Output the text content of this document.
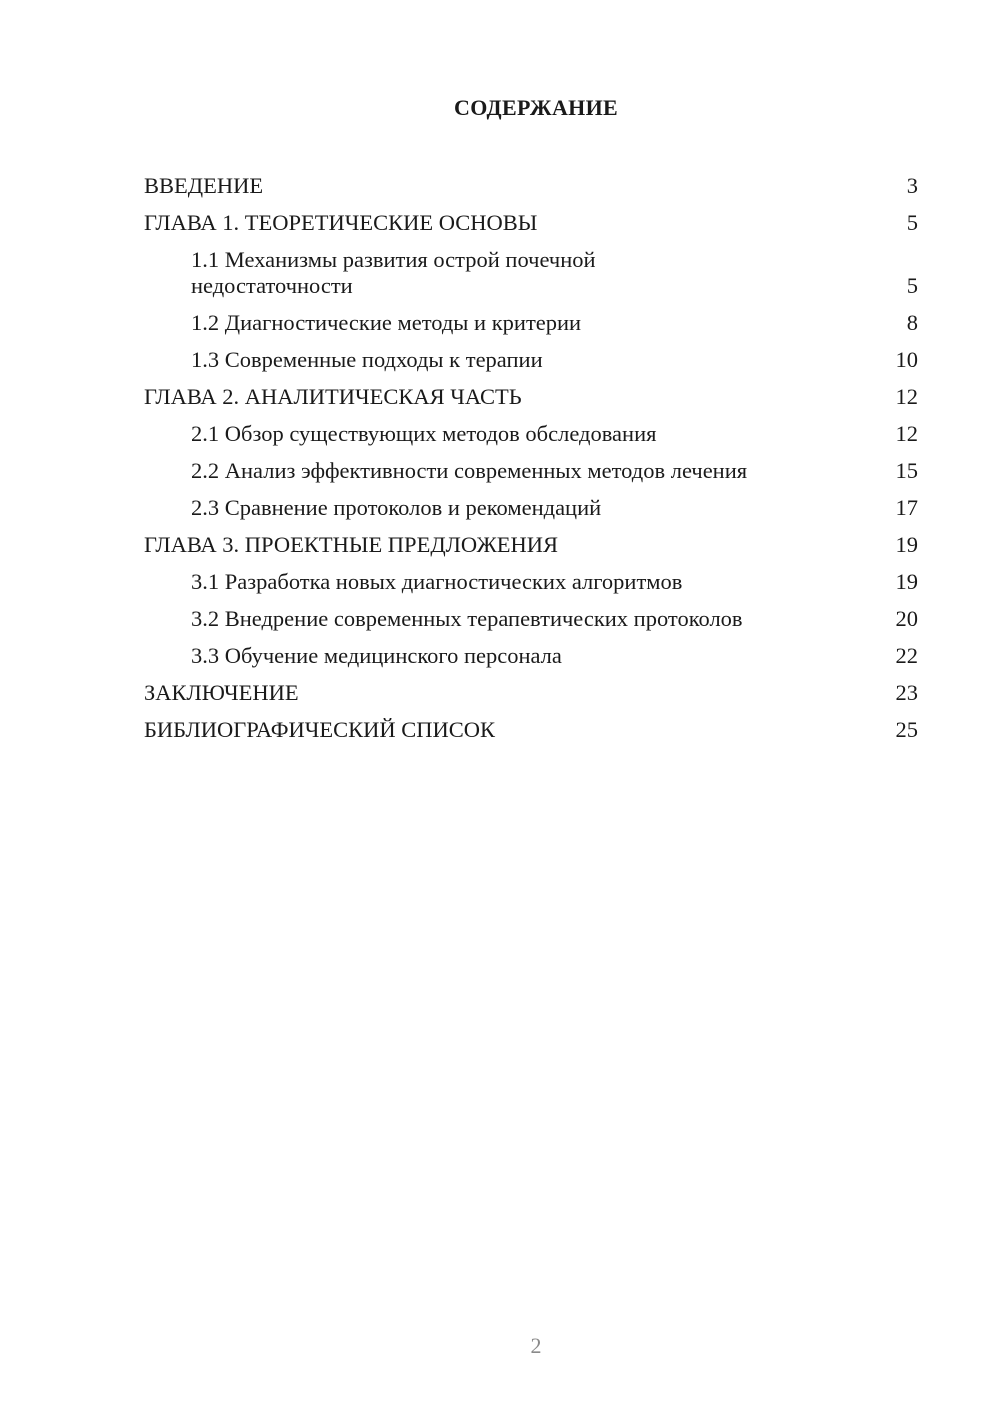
СОДЕРЖАНИЕ
ВВЕДЕНИЕ	3
ГЛАВА 1. ТЕОРЕТИЧЕСКИЕ ОСНОВЫ	5
1.1 Механизмы развития острой почечной
недостаточности	5
1.2 Диагностические методы и критерии	8
1.3 Современные подходы к терапии	10
ГЛАВА 2. АНАЛИТИЧЕСКАЯ ЧАСТЬ	12
2.1 Обзор существующих методов обследования	12
2.2 Анализ эффективности современных методов лечения	15
2.3 Сравнение протоколов и рекомендаций	17
ГЛАВА 3. ПРОЕКТНЫЕ ПРЕДЛОЖЕНИЯ	19
3.1 Разработка новых диагностических алгоритмов	19
3.2 Внедрение современных терапевтических протоколов	20
3.3 Обучение медицинского персонала	22
ЗАКЛЮЧЕНИЕ	23
БИБЛИОГРАФИЧЕСКИЙ СПИСОК	25
2
